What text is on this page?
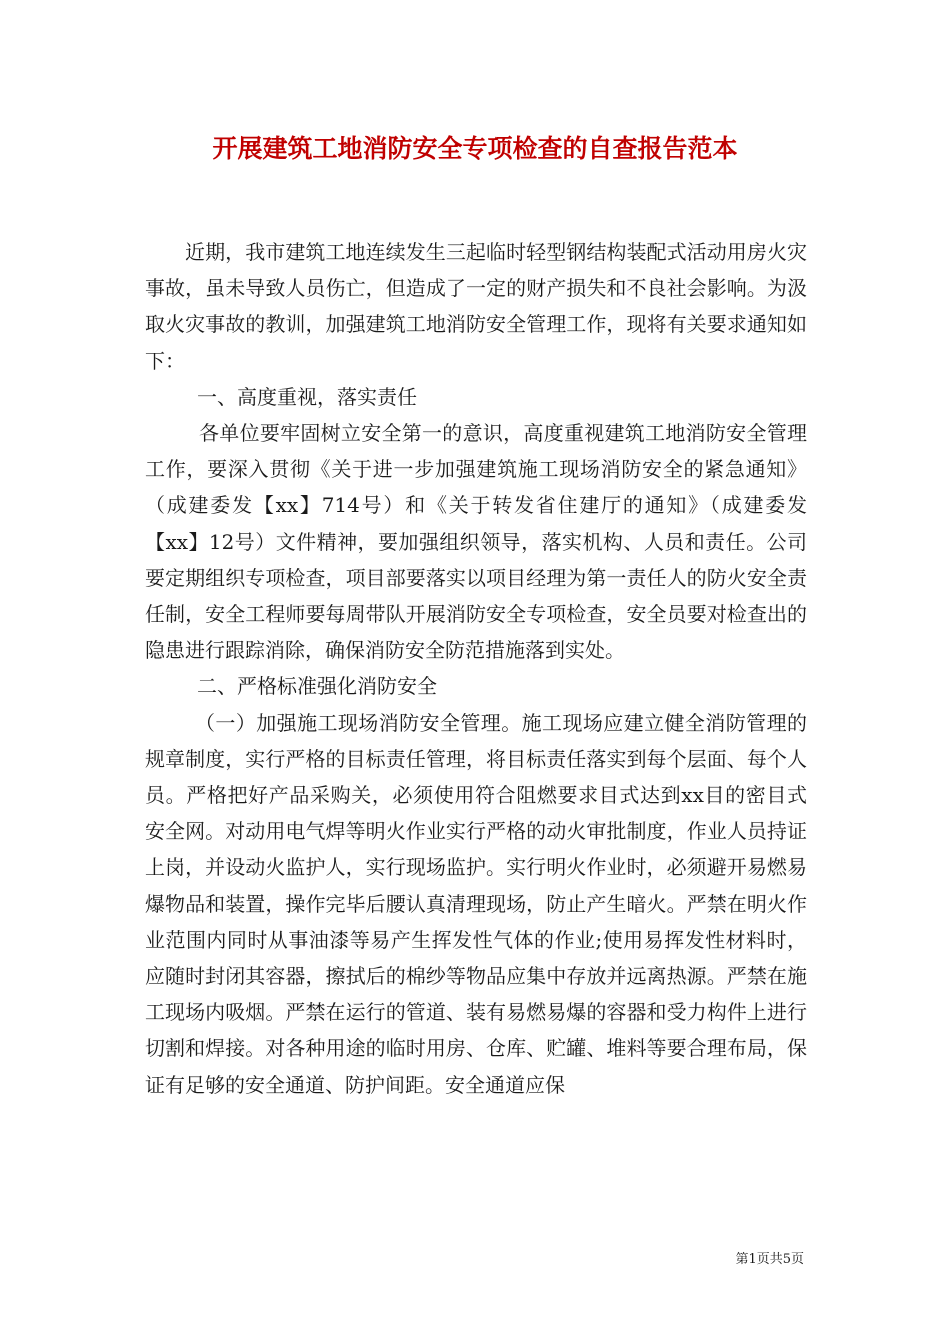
开展建筑工地消防安全专项检查的自查报告范本

近期，我市建筑工地连续发生三起临时轻型钢结构装配式活动用房火灾事故，虽未导致人员伤亡，但造成了一定的财产损失和不良社会影响。为汲取火灾事故的教训，加强建筑工地消防安全管理工作，现将有关要求通知如下：

一、高度重视，落实责任

各单位要牢固树立安全第一的意识，高度重视建筑工地消防安全管理工作，要深入贯彻《关于进一步加强建筑施工现场消防安全的紧急通知》（成建委发【xx】714号）和《关于转发省住建厅的通知》（成建委发【xx】12号）文件精神，要加强组织领导，落实机构、人员和责任。公司要定期组织专项检查，项目部要落实以项目经理为第一责任人的防火安全责任制，安全工程师要每周带队开展消防安全专项检查，安全员要对检查出的隐患进行跟踪消除，确保消防安全防范措施落到实处。

二、严格标准强化消防安全

（一）加强施工现场消防安全管理。施工现场应建立健全消防管理的规章制度，实行严格的目标责任管理，将目标责任落实到每个层面、每个人员。严格把好产品采购关，必须使用符合阻燃要求目式达到xx目的密目式安全网。对动用电气焊等明火作业实行严格的动火审批制度，作业人员持证上岗，并设动火监护人，实行现场监护。实行明火作业时，必须避开易燃易爆物品和装置，操作完毕后腰认真清理现场，防止产生暗火。严禁在明火作业范围内同时从事油漆等易产生挥发性气体的作业;使用易挥发性材料时，应随时封闭其容器，擦拭后的棉纱等物品应集中存放并远离热源。严禁在施工现场内吸烟。严禁在运行的管道、装有易燃易爆的容器和受力构件上进行切割和焊接。对各种用途的临时用房、仓库、贮罐、堆料等要合理布局，保证有足够的安全通道、防护间距。安全通道应保

第1页共5页
